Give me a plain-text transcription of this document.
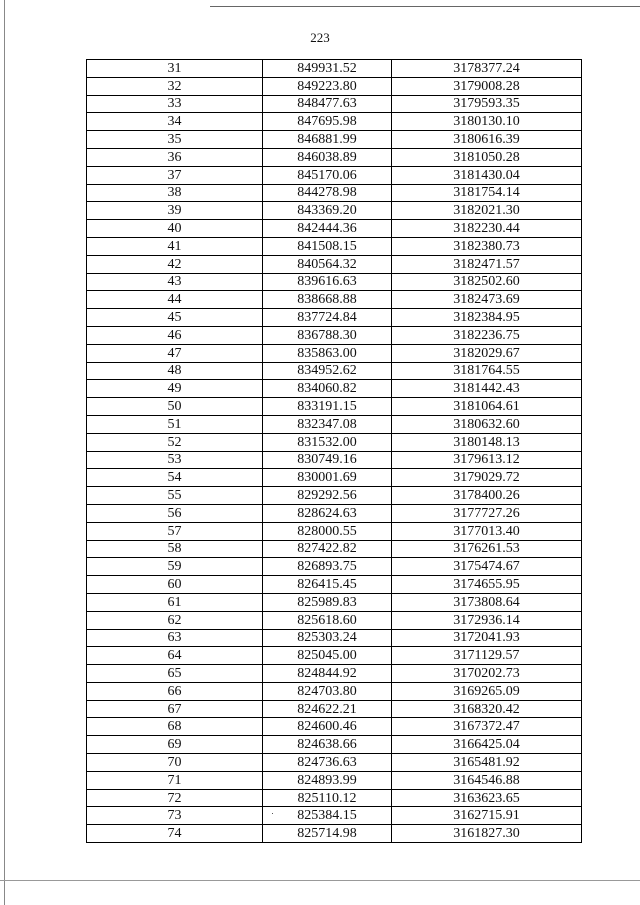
223
31	849931.52	3178377.24
32	849223.80	3179008.28
33	848477.63	3179593.35
34	847695.98	3180130.10
35	846881.99	3180616.39
36	846038.89	3181050.28
37	845170.06	3181430.04
38	844278.98	3181754.14
39	843369.20	3182021.30
40	842444.36	3182230.44
41	841508.15	3182380.73
42	840564.32	3182471.57
43	839616.63	3182502.60
44	838668.88	3182473.69
45	837724.84	3182384.95
46	836788.30	3182236.75
47	835863.00	3182029.67
48	834952.62	3181764.55
49	834060.82	3181442.43
50	833191.15	3181064.61
51	832347.08	3180632.60
52	831532.00	3180148.13
53	830749.16	3179613.12
54	830001.69	3179029.72
55	829292.56	3178400.26
56	828624.63	3177727.26
57	828000.55	3177013.40
58	827422.82	3176261.53
59	826893.75	3175474.67
60	826415.45	3174655.95
61	825989.83	3173808.64
62	825618.60	3172936.14
63	825303.24	3172041.93
64	825045.00	3171129.57
65	824844.92	3170202.73
66	824703.80	3169265.09
67	824622.21	3168320.42
68	824600.46	3167372.47
69	824638.66	3166425.04
70	824736.63	3165481.92
71	824893.99	3164546.88
72	825110.12	3163623.65
73	825384.15	3162715.91
74	825714.98	3161827.30
